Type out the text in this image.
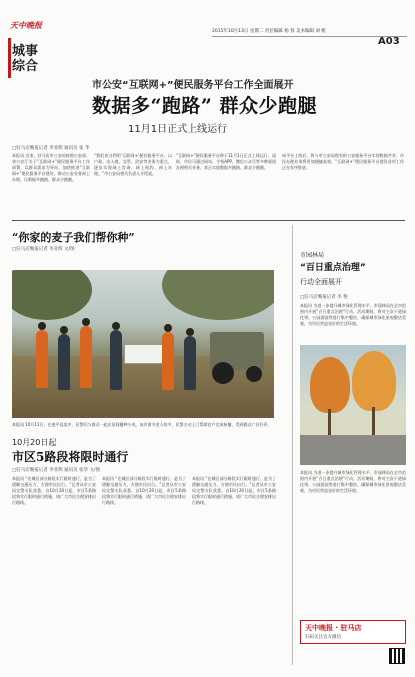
天中晚报
城事
综合
2015年10月13日 星期二 责任编辑 杨 蓉 美术编辑 刘 帆
A03
市公安“互联网+”便民服务平台工作全面展开
数据多“跑路” 群众少跑腿
11月1日正式上线运行
□驻马店晚报记者 李亚辉 通讯员 张 华
本报讯 近来，驻马店市公安局按照公安部、省公安厅关于“互联网+”便民服务平台工作部署，以群众需求为导向，加快推进“互联网+”便民服务平台建设，推动公安业务网上办理，让数据多跑路、群众少跑腿。
“我们充分利用‘互联网+’便民服务平台，以户政、出入境、交管、治安等业务为重点，逐步实现网上咨询、网上预约、网上办理。”市公安局相关负责人介绍说。
“互联网+”便民服务平台将于11月1日正式上线运行。届时，市民可通过网站、手机APP、微信公众号等多种渠道办理相关业务，真正实现数据多跑路、群众少跑腿。
该平台上线后，将与市公安局现有的公安服务平台实现数据共享，市民办理业务将更加便捷高效，“互联网+”便民服务平台建设各项工作正在有序推进。
“你家的麦子我们帮你种”
□驻马店晚报记者 李亚辉 文/图
本报讯 10月11日，在遂平县某乡，民警们与群众一起在田间播种小麦。该乡留守老人较多，民警主动上门帮助农户完成秋播，受到群众广泛好评。
10月20日起
市区5路段将限时通行
□驻马店晚报记者 李亚辉 通讯员 张华 文/图
本报讯 “在城区部分路段实行限时通行，是为了缓解交通压力，方便市民出行。”记者从市公安局交警支队获悉，自10月20日起，市区5条路段将实行限时通行措施，请广大市民合理安排出行路线。
本报讯 “在城区部分路段实行限时通行，是为了缓解交通压力，方便市民出行。”记者从市公安局交警支队获悉，自10月20日起，市区5条路段将实行限时通行措施，请广大市民合理安排出行路线。
本报讯 “在城区部分路段实行限时通行，是为了缓解交通压力，方便市民出行。”记者从市公安局交警支队获悉，自10月20日起，市区5条路段将实行限时通行措施，请广大市民合理安排出行路线。
市园林局
“百日重点治理”
行动全面展开
□驻马店晚报记者 李 艳
本报讯 为进一步提升城市绿化管理水平，市园林局在全市范围内开展“百日重点治理”行动。活动期间，将对主次干道绿化带、公园游园等进行集中整治，确保城市绿化景观整洁美观，为市民营造良好的生活环境。
本报讯 为进一步提升城市绿化管理水平，市园林局在全市范围内开展“百日重点治理”行动。活动期间，将对主次干道绿化带、公园游园等进行集中整治，确保城市绿化景观整洁美观，为市民营造良好的生活环境。
天中晚报 · 驻马店
扫码关注官方微信
